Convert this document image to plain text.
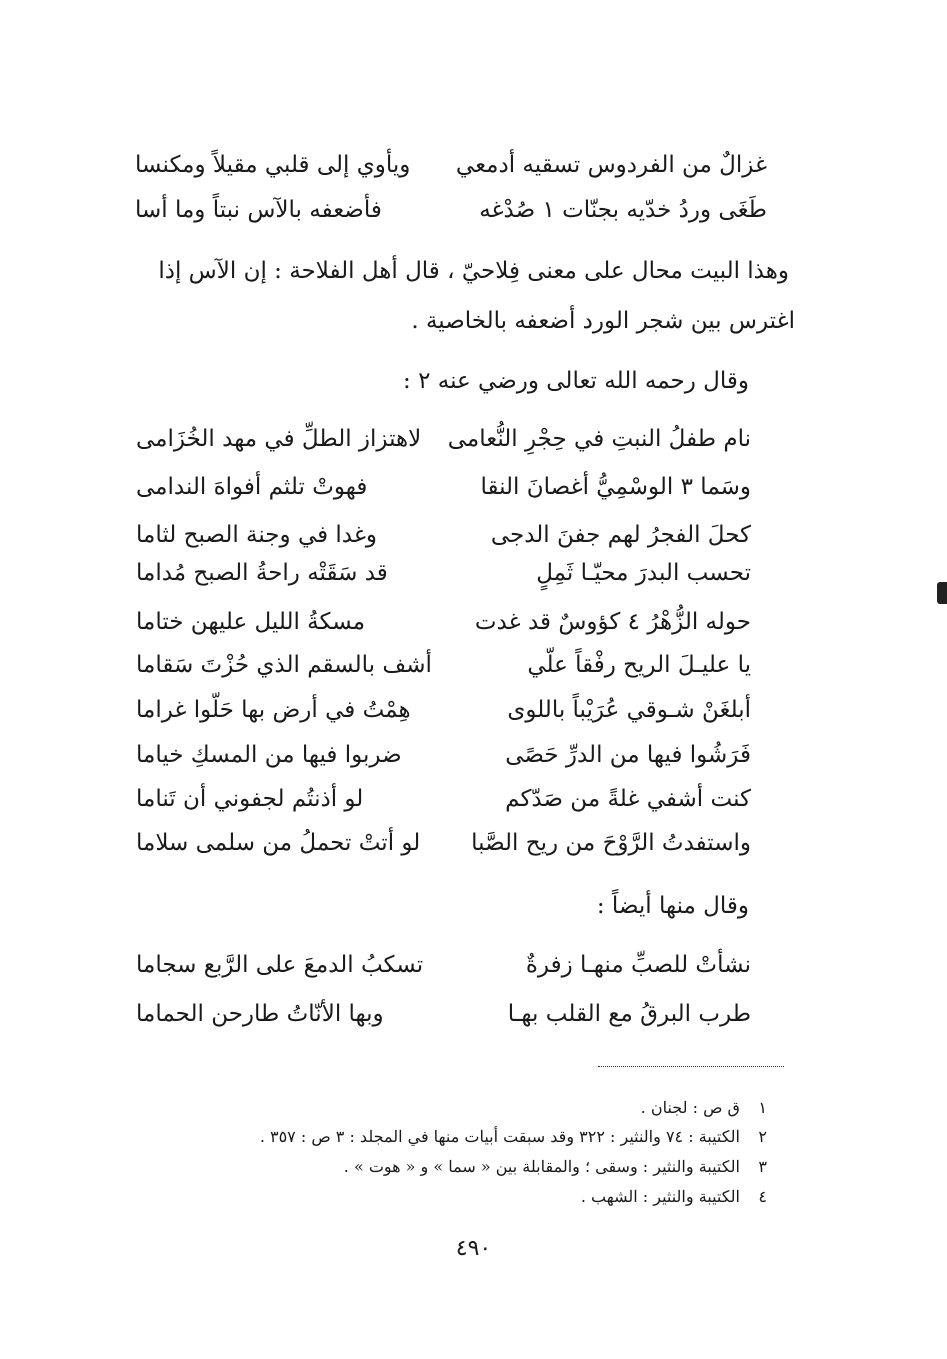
غزالٌ من الفردوس تسقيه أدمعي
ويأوي إلى قلبي مقيلاً ومكنسا
طَغَى وردُ خدّيه بجنّات ١ صُدْغه
فأضعفه بالآس نبتاً وما أسا
وهذا البيت محال على معنى فِلاحيّ ، قال أهل الفلاحة : إن الآس إذا
اغترس بين شجر الورد أضعفه بالخاصية .
وقال رحمه الله تعالى ورضي عنه ٢ :
نام طفلُ النبتِ في حِجْرِ النُّعامى
لاهتزاز الطلِّ في مهد الخُزَامى
وسَما ٣ الوسْمِيُّ أغصانَ النقا
فهوتْ تلثم أفواهَ الندامى
كحلَ الفجرُ لهم جفنَ الدجى
وغدا في وجنة الصبح لثاما
تحسب البدرَ محيّـا ثَمِلٍ
قد سَقَتْه راحةُ الصبح مُداما
حوله الزُّهْرُ ٤ كؤوسٌ قد غدت
مسكةُ الليل عليهن ختاما
يا عليـلَ الريح رفْقاً علّي
أشف بالسقم الذي حُزْتَ سَقاما
أبلغَنْ شـوقي عُرَيْباً باللوى
هِمْتُ في أرض بها حَلّوا غراما
فَرَشُوا فيها من الدرِّ حَصًى
ضربوا فيها من المسكِ خياما
كنت أشفي غلةً من صَدّكم
لو أذنتُم لجفوني أن تَناما
واستفدتُ الرَّوْحَ من ريح الصَّبا
لو أتتْ تحملُ من سلمى سلاما
وقال منها أيضاً :
نشأتْ للصبِّ منهـا زفرةٌ
تسكبُ الدمعَ على الرَّبع سجاما
طرب البرقُ مع القلب بهـا
وبها الأنّاتُ طارحن الحماما
١ ق ص : لجنان .
٢ الكتيبة : ٧٤ والنثير : ٣٢٢ وقد سبقت أبيات منها في المجلد : ٣ ص : ٣٥٧ .
٣ الكتيبة والنثير : وسقى ؛ والمقابلة بين « سما » و « هوت » .
٤ الكتيبة والنثير : الشهب .
٤٩٠
